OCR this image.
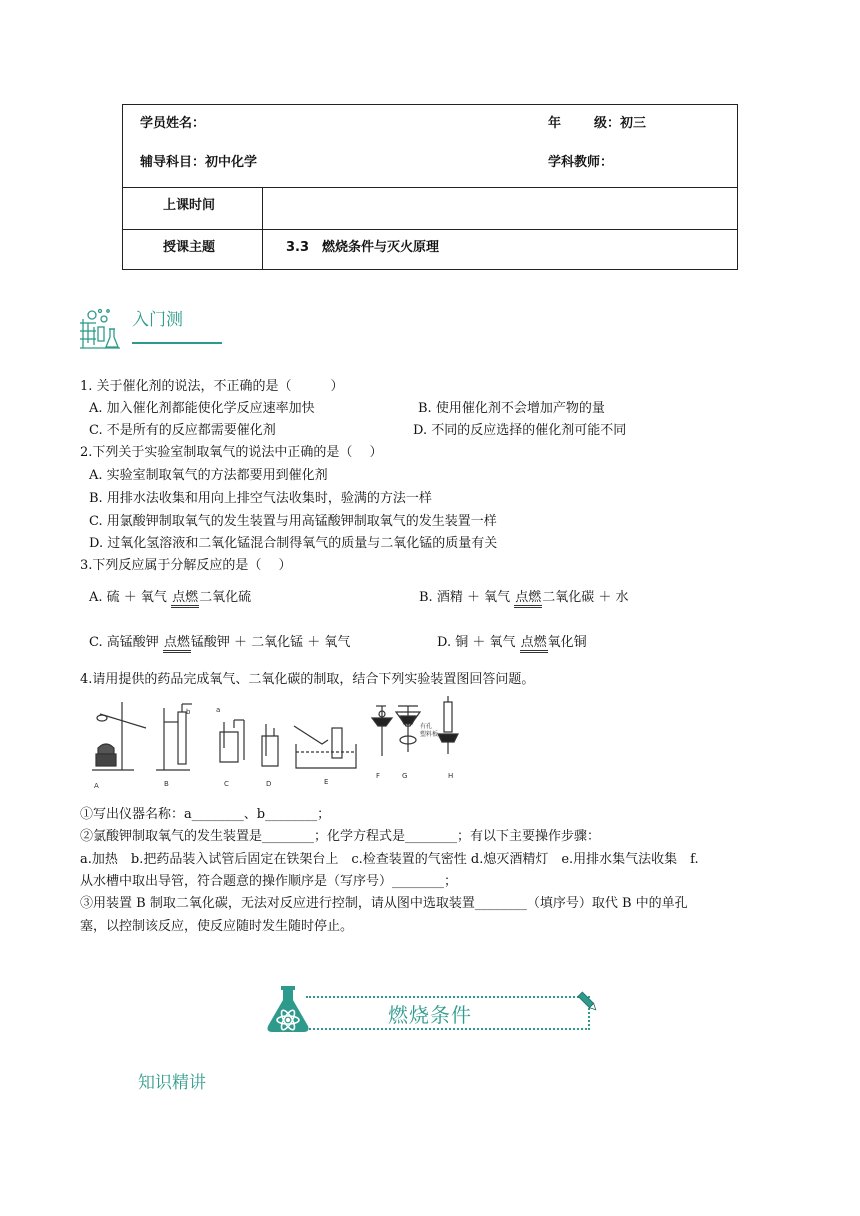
学员姓名：	年	级：初三
辅导科目：初中化学	学科教师：
上课时间
授课主题	3.3　燃烧条件与灭火原理
入门测
1. 关于催化剂的说法，不正确的是（　　　）
A. 加入催化剂都能使化学反应速率加快	B. 使用催化剂不会增加产物的量
C. 不是所有的反应都需要催化剂	D. 不同的反应选择的催化剂可能不同
2.下列关于实验室制取氧气的说法中正确的是（　 ）
A. 实验室制取氧气的方法都要用到催化剂
B. 用排水法收集和用向上排空气法收集时，验满的方法一样
C. 用氯酸钾制取氧气的发生装置与用高锰酸钾制取氧气的发生装置一样
D. 过氧化氢溶液和二氧化锰混合制得氧气的质量与二氧化锰的质量有关
3.下列反应属于分解反应的是（　 ）
A. 硫 ＋ 氧气 点燃二氧化硫	B. 酒精 ＋ 氧气 点燃二氧化碳 ＋ 水
C. 高锰酸钾 点燃锰酸钾 ＋ 二氧化锰 ＋ 氧气	D. 铜 ＋ 氧气 点燃氧化铜
4.请用提供的药品完成氧气、二氧化碳的制取，结合下列实验装置图回答问题。
A	B	C	D	E
F	G	H
a
b
有孔
塑料板
①写出仪器名称：a________、b________；
②氯酸钾制取氧气的发生装置是________；化学方程式是________；有以下主要操作步骤：
a.加热　b.把药品装入试管后固定在铁架台上　c.检查装置的气密性 d.熄灭酒精灯　e.用排水集气法收集　f.
从水槽中取出导管，符合题意的操作顺序是（写序号）________；
③用装置 B 制取二氧化碳，无法对反应进行控制，请从图中选取装置________（填序号）取代 B 中的单孔
塞，以控制该反应，使反应随时发生随时停止。
燃烧条件
知识精讲
